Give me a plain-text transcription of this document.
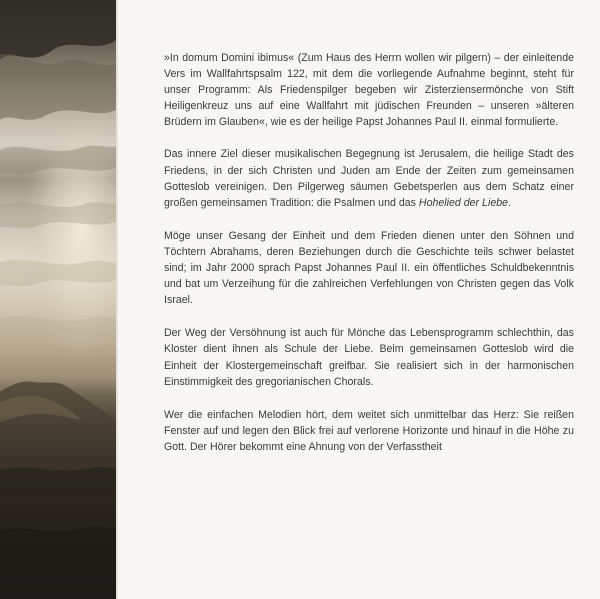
»In domum Domini ibimus« (Zum Haus des Herrn wollen wir pilgern) – der einleitende Vers im Wallfahrtspsalm 122, mit dem die vorliegende Aufnahme beginnt, steht für unser Programm: Als Friedenspilger begeben wir Zisterziensermönche von Stift Heiligenkreuz uns auf eine Wallfahrt mit jüdischen Freunden – unseren »älteren Brüdern im Glauben«, wie es der heilige Papst Johannes Paul II. einmal formulierte.

Das innere Ziel dieser musikalischen Begegnung ist Jerusalem, die heilige Stadt des Friedens, in der sich Christen und Juden am Ende der Zeiten zum gemeinsamen Gotteslob vereinigen. Den Pilgerweg säumen Gebetsperlen aus dem Schatz einer großen gemeinsamen Tradition: die Psalmen und das Hohelied der Liebe.

Möge unser Gesang der Einheit und dem Frieden dienen unter den Söhnen und Töchtern Abrahams, deren Beziehungen durch die Geschichte teils schwer belastet sind; im Jahr 2000 sprach Papst Johannes Paul II. ein öffentliches Schuldbekenntnis und bat um Verzeihung für die zahlreichen Verfehlungen von Christen gegen das Volk Israel.

Der Weg der Versöhnung ist auch für Mönche das Lebensprogramm schlechthin, das Kloster dient ihnen als Schule der Liebe. Beim gemeinsamen Gotteslob wird die Einheit der Klostergemeinschaft greifbar. Sie realisiert sich in der harmonischen Einstimmigkeit des gregorianischen Chorals.

Wer die einfachen Melodien hört, dem weitet sich unmittelbar das Herz: Sie reißen Fenster auf und legen den Blick frei auf verlorene Horizonte und hinauf in die Höhe zu Gott. Der Hörer bekommt eine Ahnung von der Verfasstheit
